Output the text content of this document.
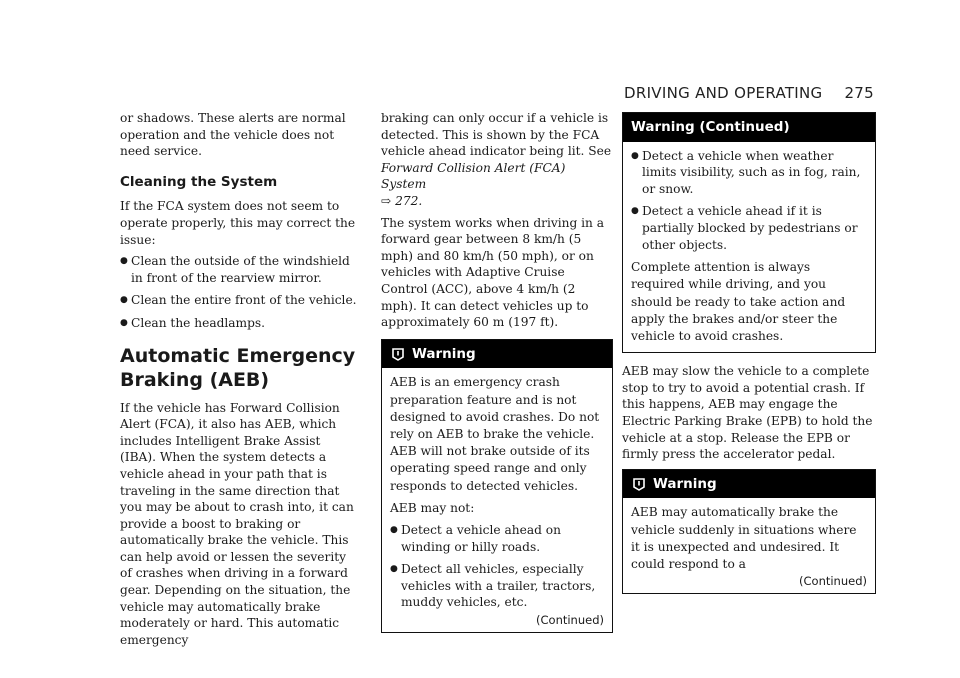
DRIVING AND OPERATING 275

or shadows. These alerts are normal operation and the vehicle does not need service.

Cleaning the System

If the FCA system does not seem to operate properly, this may correct the issue:

● Clean the outside of the windshield in front of the rearview mirror.
● Clean the entire front of the vehicle.
● Clean the headlamps.
Automatic Emergency Braking (AEB)

If the vehicle has Forward Collision Alert (FCA), it also has AEB, which includes Intelligent Brake Assist (IBA). When the system detects a vehicle ahead in your path that is traveling in the same direction that you may be about to crash into, it can provide a boost to braking or automatically brake the vehicle. This can help avoid or lessen the severity of crashes when driving in a forward gear. Depending on the situation, the vehicle may automatically brake moderately or hard. This automatic emergency

braking can only occur if a vehicle is detected. This is shown by the FCA vehicle ahead indicator being lit. See Forward Collision Alert (FCA) System
⇨ 272.

The system works when driving in a forward gear between 8 km/h (5 mph) and 80 km/h (50 mph), or on vehicles with Adaptive Cruise Control (ACC), above 4 km/h (2 mph). It can detect vehicles up to approximately 60 m (197 ft).

Warning

AEB is an emergency crash preparation feature and is not designed to avoid crashes. Do not rely on AEB to brake the vehicle. AEB will not brake outside of its operating speed range and only responds to detected vehicles.

AEB may not:

● Detect a vehicle ahead on winding or hilly roads.
● Detect all vehicles, especially vehicles with a trailer, tractors, muddy vehicles, etc.
(Continued)
Warning (Continued)
● Detect a vehicle when weather limits visibility, such as in fog, rain, or snow.
● Detect a vehicle ahead if it is partially blocked by pedestrians or other objects.

Complete attention is always required while driving, and you should be ready to take action and apply the brakes and/or steer the vehicle to avoid crashes.

AEB may slow the vehicle to a complete stop to try to avoid a potential crash. If this happens, AEB may engage the Electric Parking Brake (EPB) to hold the vehicle at a stop. Release the EPB or firmly press the accelerator pedal.

Warning

AEB may automatically brake the vehicle suddenly in situations where it is unexpected and undesired. It could respond to a

(Continued)
